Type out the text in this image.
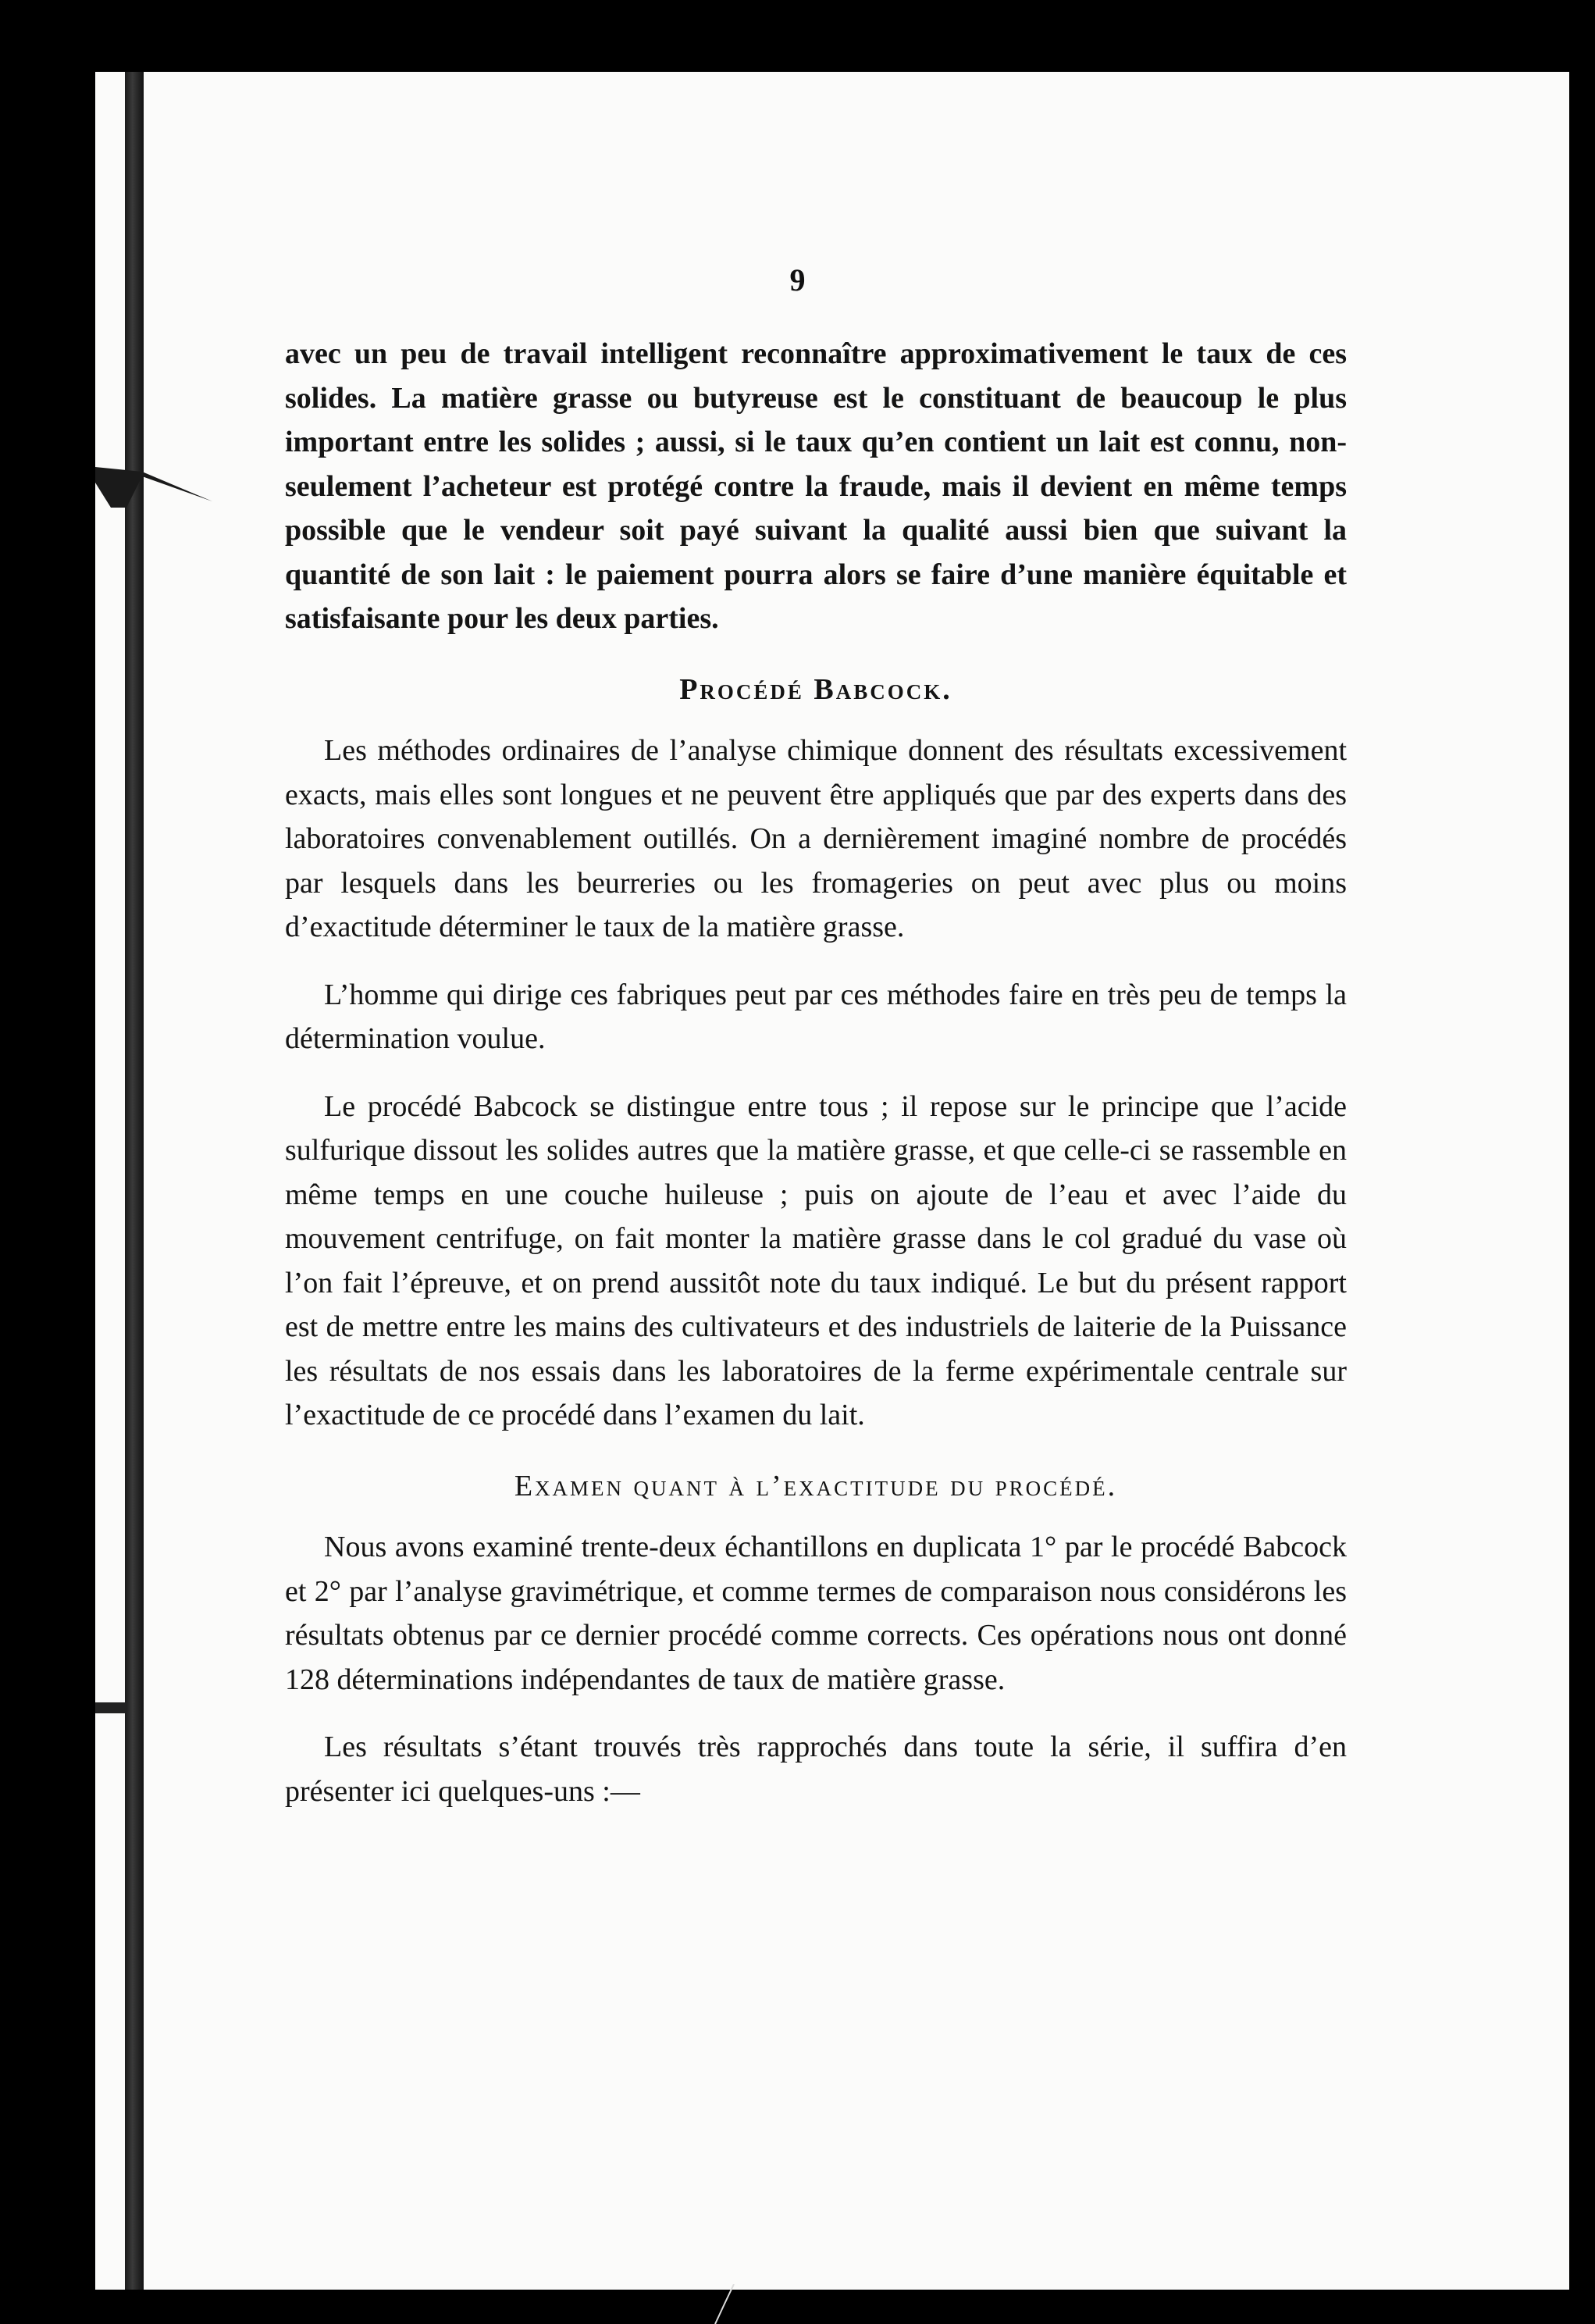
9

avec un peu de travail intelligent reconnaître approximativement le taux de ces solides. La matière grasse ou butyreuse est le constituant de beaucoup le plus important entre les solides ; aussi, si le taux qu’en contient un lait est connu, non-seulement l’acheteur est protégé contre la fraude, mais il devient en même temps possible que le vendeur soit payé suivant la qualité aussi bien que suivant la quantité de son lait : le paiement pourra alors se faire d’une manière équitable et satisfaisante pour les deux parties.

Procédé Babcock.

Les méthodes ordinaires de l’analyse chimique donnent des résultats excessivement exacts, mais elles sont longues et ne peuvent être appliqués que par des experts dans des laboratoires convenablement outillés. On a dernièrement imaginé nombre de procédés par lesquels dans les beurreries ou les fromageries on peut avec plus ou moins d’exactitude déterminer le taux de la matière grasse.

L’homme qui dirige ces fabriques peut par ces méthodes faire en très peu de temps la détermination voulue.

Le procédé Babcock se distingue entre tous ; il repose sur le principe que l’acide sulfurique dissout les solides autres que la matière grasse, et que celle-ci se rassemble en même temps en une couche huileuse ; puis on ajoute de l’eau et avec l’aide du mouvement centrifuge, on fait monter la matière grasse dans le col gradué du vase où l’on fait l’épreuve, et on prend aussitôt note du taux indiqué. Le but du présent rapport est de mettre entre les mains des cultivateurs et des industriels de laiterie de la Puissance les résultats de nos essais dans les laboratoires de la ferme expérimentale centrale sur l’exactitude de ce procédé dans l’examen du lait.

Examen quant à l’exactitude du procédé.

Nous avons examiné trente-deux échantillons en duplicata 1° par le procédé Babcock et 2° par l’analyse gravimétrique, et comme termes de comparaison nous considérons les résultats obtenus par ce dernier procédé comme corrects. Ces opérations nous ont donné 128 déterminations indépendantes de taux de matière grasse.

Les résultats s’étant trouvés très rapprochés dans toute la série, il suffira d’en présenter ici quelques-uns :—
